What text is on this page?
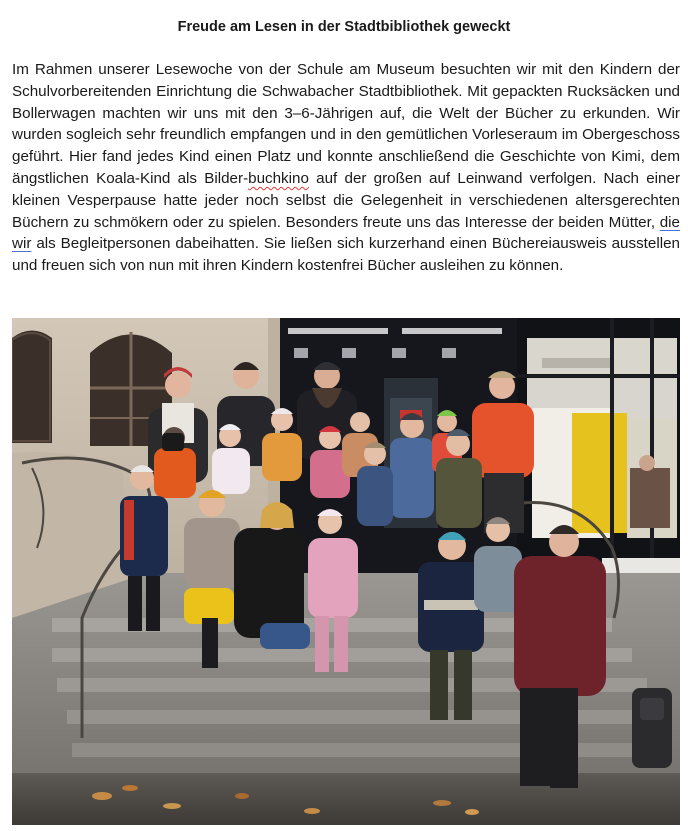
Freude am Lesen in der Stadtbibliothek geweckt

Im Rahmen unserer Lesewoche von der Schule am Museum besuchten wir mit den Kindern der Schulvorbereitenden Einrichtung die Schwabacher Stadtbibliothek. Mit gepackten Rucksäcken und Bollerwagen machten wir uns mit den 3–6-Jährigen auf, die Welt der Bücher zu erkunden. Wir wurden sogleich sehr freundlich empfangen und in den gemütlichen Vorleseraum im Obergeschoss geführt. Hier fand jedes Kind einen Platz und konnte anschließend die Geschichte von Kimi, dem ängstlichen Koala-Kind als Bilder-buchkino auf der großen auf Leinwand verfolgen. Nach einer kleinen Vesperpause hatte jeder noch selbst die Gelegenheit in verschiedenen altersgerechten Büchern zu schmökern oder zu spielen. Besonders freute uns das Interesse der beiden Mütter, die wir als Begleitpersonen dabeihatten. Sie ließen sich kurzerhand einen Büchereiausweis ausstellen und freuen sich von nun mit ihren Kindern kostenfrei Bücher ausleihen zu können.
